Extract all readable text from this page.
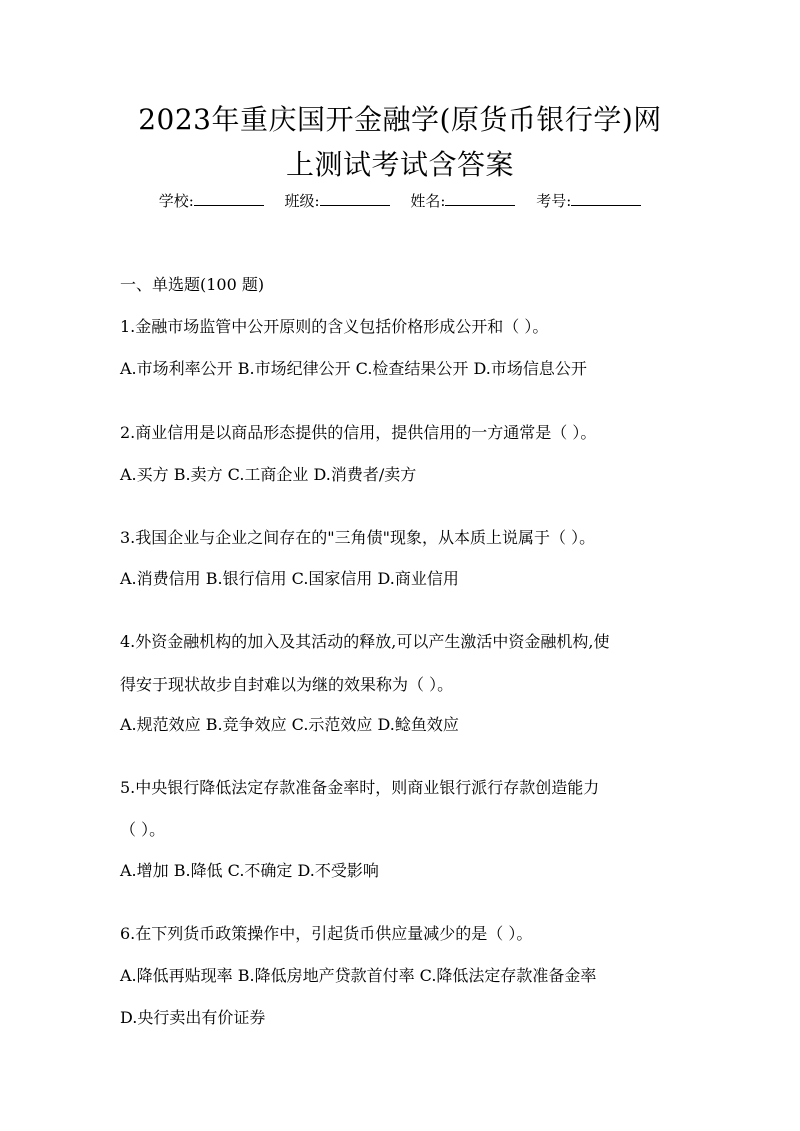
2023年重庆国开金融学(原货币银行学)网
上测试考试含答案
学校:	班级:	姓名:	考号:
一、单选题(100 题)
1.金融市场监管中公开原则的含义包括价格形成公开和（ ）。
A.市场利率公开 B.市场纪律公开 C.检查结果公开 D.市场信息公开
2.商业信用是以商品形态提供的信用，提供信用的一方通常是（ ）。
A.买方 B.卖方 C.工商企业 D.消费者/卖方
3.我国企业与企业之间存在的"三角债"现象，从本质上说属于（ ）。
A.消费信用 B.银行信用 C.国家信用 D.商业信用
4.外资金融机构的加入及其活动的释放,可以产生激活中资金融机构,使
得安于现状故步自封难以为继的效果称为（ ）。
A.规范效应 B.竞争效应 C.示范效应 D.鲶鱼效应
5.中央银行降低法定存款准备金率时，则商业银行派行存款创造能力
（ ）。
A.增加 B.降低 C.不确定 D.不受影响
6.在下列货币政策操作中，引起货币供应量减少的是（ ）。
A.降低再贴现率 B.降低房地产贷款首付率 C.降低法定存款准备金率
D.央行卖出有价证券
